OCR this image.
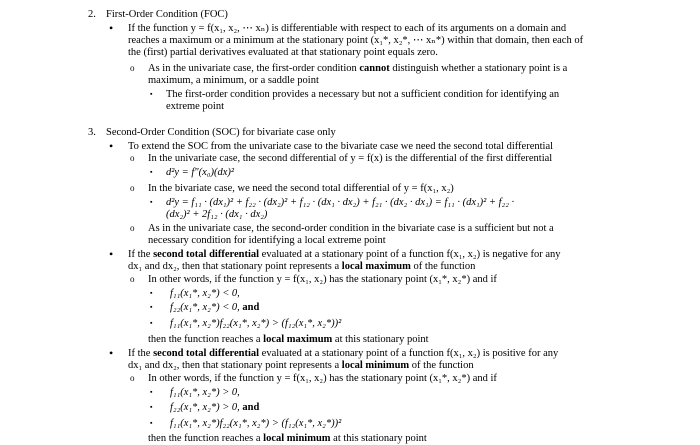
2. First-Order Condition (FOC)
• If the function y = f(x₁, x₂, ⋯ xₙ) is differentiable with respect to each of its arguments on a domain and
reaches a maximum or a minimum at the stationary point (x₁*, x₂*, ⋯ xₙ*) within that domain, then each of
the (first) partial derivatives evaluated at that stationary point equals zero.
o As in the univariate case, the first-order condition cannot distinguish whether a stationary point is a
maximum, a minimum, or a saddle point
▪ The first-order condition provides a necessary but not a sufficient condition for identifying an
extreme point
3. Second-Order Condition (SOC) for bivariate case only
• To extend the SOC from the univariate case to the bivariate case we need the second total differential
o In the univariate case, the second differential of y = f(x) is the differential of the first differential
▪ d²y = f″(x₀)(dx)²
o In the bivariate case, we need the second total differential of y = f(x₁, x₂)
▪ d²y = f₁₁ · (dx₁)² + f₂₂ · (dx₂)² + f₁₂ · (dx₁ · dx₂) + f₂₁ · (dx₂ · dx₁) = f₁₁ · (dx₁)² + f₂₂ ·
(dx₂)² + 2f₁₂ · (dx₁ · dx₂)
o As in the univariate case, the second-order condition in the bivariate case is a sufficient but not a
necessary condition for identifying a local extreme point
• If the second total differential evaluated at a stationary point of a function f(x₁, x₂) is negative for any
dx₁ and dx₂, then that stationary point represents a local maximum of the function
o In other words, if the function y = f(x₁, x₂) has the stationary point (x₁*, x₂*) and if
▪ f₁₁(x₁*, x₂*) < 0,
▪ f₂₂(x₁*, x₂*) < 0, and
▪ f₁₁(x₁*, x₂*)f₂₂(x₁*, x₂*) > (f₁₂(x₁*, x₂*))²
then the function reaches a local maximum at this stationary point
• If the second total differential evaluated at a stationary point of a function f(x₁, x₂) is positive for any
dx₁ and dx₂, then that stationary point represents a local minimum of the function
o In other words, if the function y = f(x₁, x₂) has the stationary point (x₁*, x₂*) and if
▪ f₁₁(x₁*, x₂*) > 0,
▪ f₂₂(x₁*, x₂*) > 0, and
▪ f₁₁(x₁*, x₂*)f₂₂(x₁*, x₂*) > (f₁₂(x₁*, x₂*))²
then the function reaches a local minimum at this stationary point
